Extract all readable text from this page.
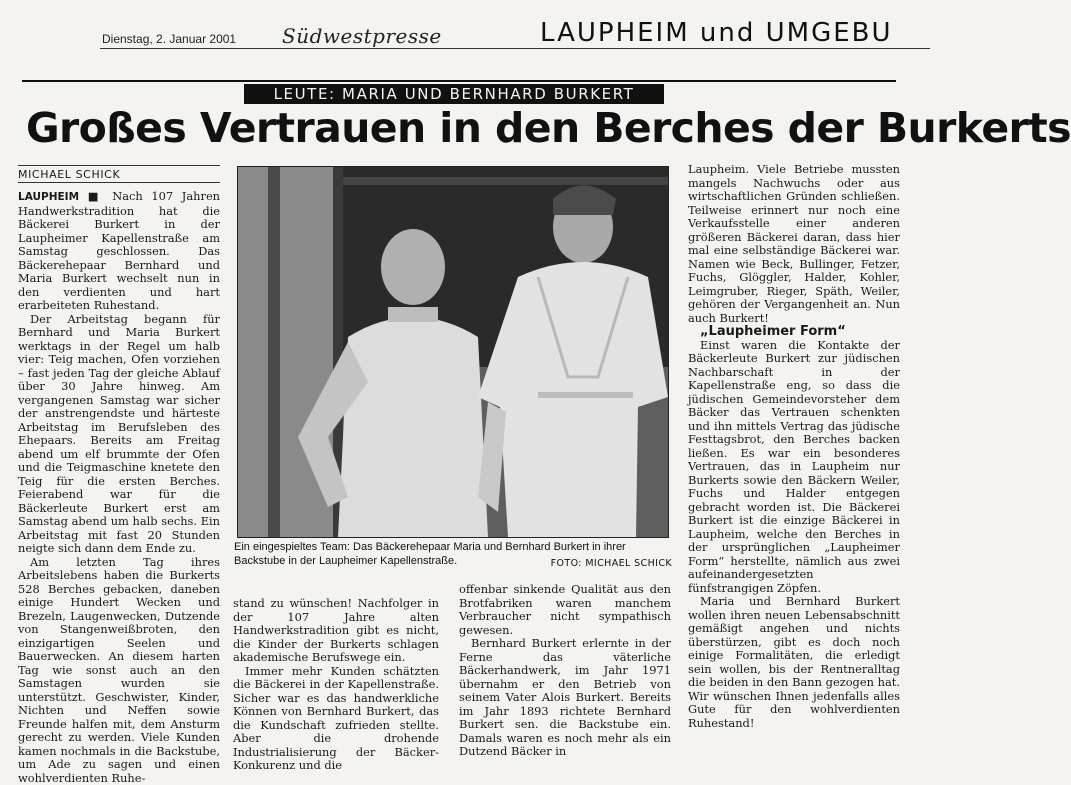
Dienstag, 2. Januar 2001 Südwestpresse	LAUPHEIM und UMGEBU
LEUTE: MARIA UND BERNHARD BURKERT
Großes Vertrauen in den Berches der Burkerts
MICHAEL SCHICK

LAUPHEIM ■ Nach 107 Jahren Handwerkstradition hat die Bäckerei Burkert in der Laupheimer Kapellenstraße am Samstag geschlossen. Das Bäckerehepaar Bernhard und Maria Burkert wechselt nun in den verdienten und hart erarbeiteten Ruhestand.

Der Arbeitstag begann für Bernhard und Maria Burkert werktags in der Regel um halb vier: Teig machen, Ofen vorziehen – fast jeden Tag der gleiche Ablauf über 30 Jahre hinweg. Am vergangenen Samstag war sicher der anstrengendste und härteste Arbeitstag im Berufsleben des Ehepaars. Bereits am Freitag abend um elf brummte der Ofen und die Teigmaschine knetete den Teig für die ersten Berches. Feierabend war für die Bäckerleute Burkert erst am Samstag abend um halb sechs. Ein Arbeitstag mit fast 20 Stunden neigte sich dann dem Ende zu.

Am letzten Tag ihres Arbeitslebens haben die Burkerts 528 Berches gebacken, daneben einige Hundert Wecken und Brezeln, Laugenwecken, Dutzende von Stangenweißbroten, den einzigartigen Seelen und Bauerwecken. An diesem harten Tag wie sonst auch an den Samstagen wurden sie unterstützt. Geschwister, Kinder, Nichten und Neffen sowie Freunde halfen mit, dem Ansturm gerecht zu werden. Viele Kunden kamen nochmals in die Backstube, um Ade zu sagen und einen wohlverdienten Ruhe-

Ein eingespieltes Team: Das Bäckerehepaar Maria und Bernhard Burkert in ihrer Backstube in der Laupheimer Kapellenstraße.	FOTO: MICHAEL SCHICK

stand zu wünschen! Nachfolger in der 107 Jahre alten Handwerkstradition gibt es nicht, die Kinder der Burkerts schlagen akademische Berufswege ein.

Immer mehr Kunden schätzten die Bäckerei in der Kapellenstraße. Sicher war es das handwerkliche Können von Bernhard Burkert, das die Kundschaft zufrieden stellte. Aber die drohende Industrialisierung der Bäcker-Konkurenz und die

offenbar sinkende Qualität aus den Brotfabriken waren manchem Verbraucher nicht sympathisch gewesen.

Bernhard Burkert erlernte in der Ferne das väterliche Bäckerhandwerk, im Jahr 1971 übernahm er den Betrieb von seinem Vater Alois Burkert. Bereits im Jahr 1893 richtete Bernhard Burkert sen. die Backstube ein. Damals waren es noch mehr als ein Dutzend Bäcker in

Laupheim. Viele Betriebe mussten mangels Nachwuchs oder aus wirtschaftlichen Gründen schließen. Teilweise erinnert nur noch eine Verkaufsstelle einer anderen größeren Bäckerei daran, dass hier mal eine selbständige Bäckerei war. Namen wie Beck, Bullinger, Fetzer, Fuchs, Glöggler, Halder, Kohler, Leimgruber, Rieger, Späth, Weiler, gehören der Vergangenheit an. Nun auch Burkert!

„Laupheimer Form“

Einst waren die Kontakte der Bäckerleute Burkert zur jüdischen Nachbarschaft in der Kapellenstraße eng, so dass die jüdischen Gemeindevorsteher dem Bäcker das Vertrauen schenkten und ihn mittels Vertrag das jüdische Festtagsbrot, den Berches backen ließen. Es war ein besonderes Vertrauen, das in Laupheim nur Burkerts sowie den Bäckern Weiler, Fuchs und Halder entgegen gebracht worden ist. Die Bäckerei Burkert ist die einzige Bäckerei in Laupheim, welche den Berches in der ursprünglichen „Laupheimer Form“ herstellte, nämlich aus zwei aufeinandergesetzten fünfstrangigen Zöpfen.

Maria und Bernhard Burkert wollen ihren neuen Lebensabschnitt gemäßigt angehen und nichts überstürzen, gibt es doch noch einige Formalitäten, die erledigt sein wollen, bis der Rentneralltag die beiden in den Bann gezogen hat. Wir wünschen Ihnen jedenfalls alles Gute für den wohlverdienten Ruhestand!
